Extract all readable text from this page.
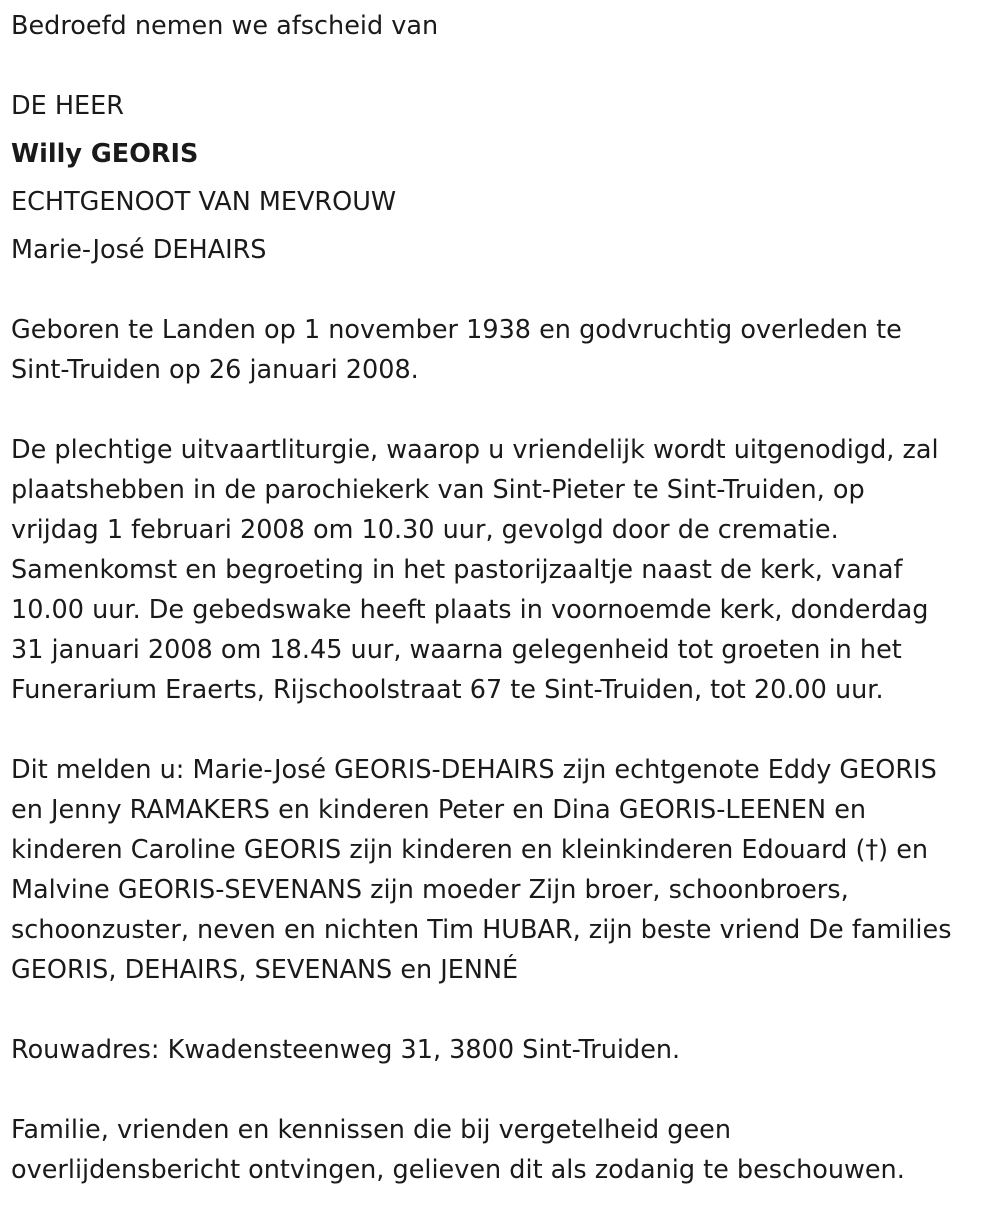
Bedroefd nemen we afscheid van
DE HEER
Willy GEORIS
ECHTGENOOT VAN MEVROUW
Marie-José DEHAIRS

Geboren te Landen op 1 november 1938 en godvruchtig overleden te
Sint-Truiden op 26 januari 2008.

De plechtige uitvaartliturgie, waarop u vriendelijk wordt uitgenodigd, zal
plaatshebben in de parochiekerk van Sint-Pieter te Sint-Truiden, op
vrijdag 1 februari 2008 om 10.30 uur, gevolgd door de crematie.
Samenkomst en begroeting in het pastorijzaaltje naast de kerk, vanaf
10.00 uur. De gebedswake heeft plaats in voornoemde kerk, donderdag
31 januari 2008 om 18.45 uur, waarna gelegenheid tot groeten in het
Funerarium Eraerts, Rijschoolstraat 67 te Sint-Truiden, tot 20.00 uur.

Dit melden u: Marie-José GEORIS-DEHAIRS zijn echtgenote Eddy GEORIS
en Jenny RAMAKERS en kinderen Peter en Dina GEORIS-LEENEN en
kinderen Caroline GEORIS zijn kinderen en kleinkinderen Edouard (†) en
Malvine GEORIS-SEVENANS zijn moeder Zijn broer, schoonbroers,
schoonzuster, neven en nichten Tim HUBAR, zijn beste vriend De families
GEORIS, DEHAIRS, SEVENANS en JENNÉ

Rouwadres: Kwadensteenweg 31, 3800 Sint-Truiden.

Familie, vrienden en kennissen die bij vergetelheid geen
overlijdensbericht ontvingen, gelieven dit als zodanig te beschouwen.
